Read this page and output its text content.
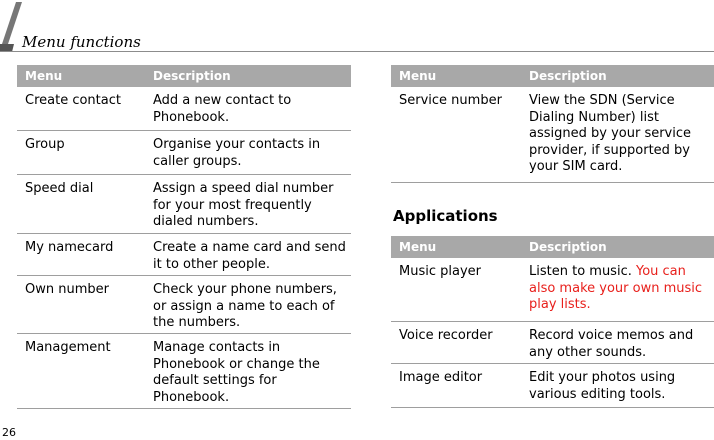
Menu functions
Menu	Description
Create contact	Add a new contact to Phonebook.
Group	Organise your contacts in caller groups.
Speed dial	Assign a speed dial number for your most frequently dialed numbers.
My namecard	Create a name card and send it to other people.
Own number	Check your phone numbers, or assign a name to each of the numbers.
Management	Manage contacts in Phonebook or change the default settings for Phonebook.
Menu	Description
Service number	View the SDN (Service Dialing Number) list assigned by your service provider, if supported by your SIM card.
Applications
Menu	Description
Music player	Listen to music. You can also make your own music play lists.
Voice recorder	Record voice memos and any other sounds.
Image editor	Edit your photos using various editing tools.
26
